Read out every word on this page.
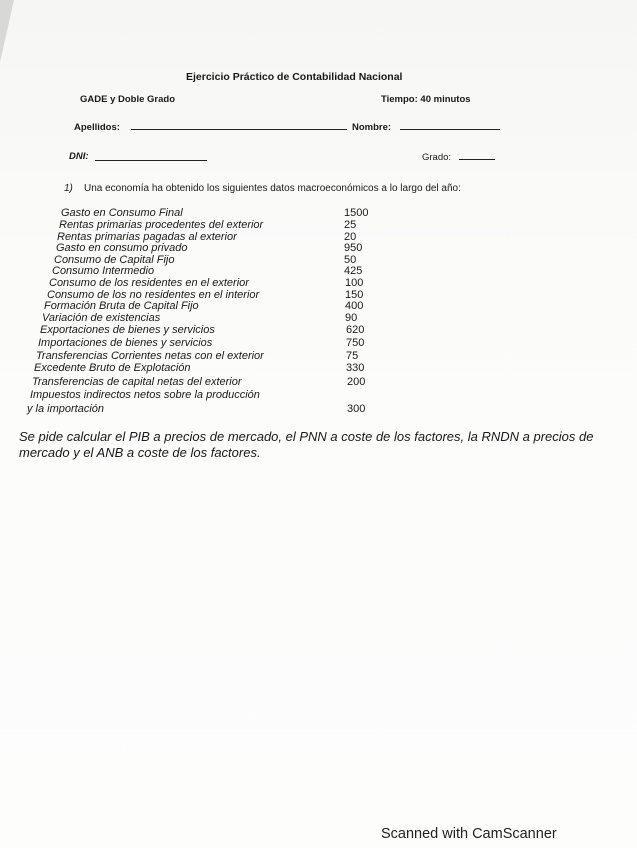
Ejercicio Práctico de Contabilidad Nacional
GADE y Doble Grado	Tiempo: 40 minutos
Apellidos:	Nombre:
DNI:	Grado:
1) Una economía ha obtenido los siguientes datos macroeconómicos a lo largo del año:
Gasto en Consumo Final	1500
Rentas primarias procedentes del exterior	25
Rentas primarias pagadas al exterior	20
Gasto en consumo privado	950
Consumo de Capital Fijo	50
Consumo Intermedio	425
Consumo de los residentes en el exterior	100
Consumo de los no residentes en el interior	150
Formación Bruta de Capital Fijo	400
Variación de existencias	90
Exportaciones de bienes y servicios	620
Importaciones de bienes y servicios	750
Transferencias Corrientes netas con el exterior	75
Excedente Bruto de Explotación	330
Transferencias de capital netas del exterior	200
Impuestos indirectos netos sobre la producción
y la importación	300
Se pide calcular el PIB a precios de mercado, el PNN a coste de los factores, la RNDN a precios de mercado y el ANB a coste de los factores.
Scanned with CamScanner
